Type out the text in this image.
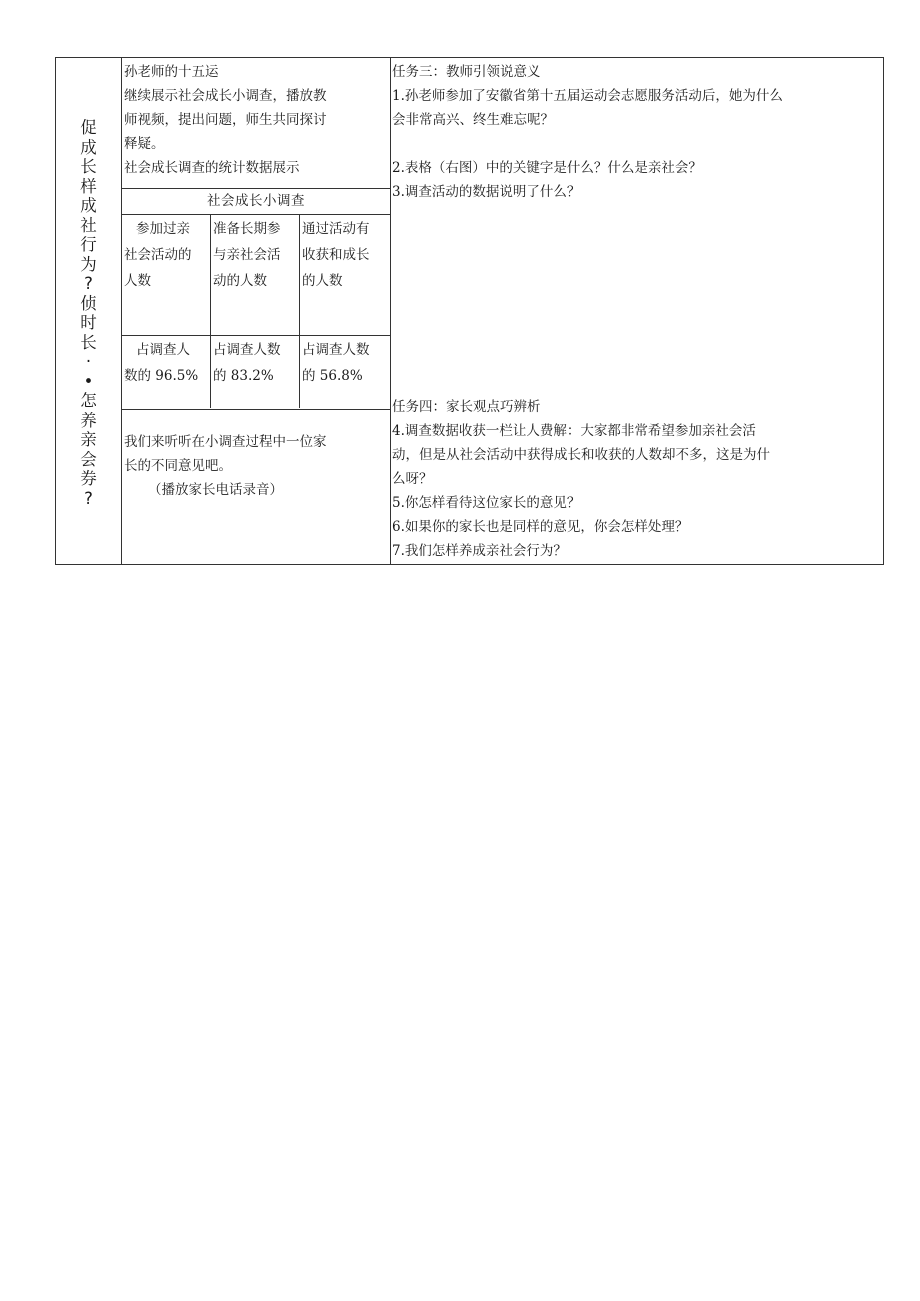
促
成
长
样
成
社
行
为
?
侦
时
长
·
•
怎
养
亲
会
券
?
孙老师的十五运
继续展示社会成长小调查，播放教
师视频，提出问题，师生共同探讨
释疑。
社会成长调查的统计数据展示
社会成长小调查
参加过亲
社会活动的
人数
准备长期参
与亲社会活
动的人数
通过活动有
收获和成长
的人数
占调查人
数的 96.5%
占调查人数
的 83.2%
占调查人数
的 56.8%
我们来听听在小调查过程中一位家
长的不同意见吧。
（播放家长电话录音）
任务三：教师引领说意义
1.孙老师参加了安徽省第十五届运动会志愿服务活动后，她为什么
会非常高兴、终生难忘呢？
2.表格（右图）中的关键字是什么？什么是亲社会？
3.调查活动的数据说明了什么？
任务四：家长观点巧辨析
4.调查数据收获一栏让人费解：大家都非常希望参加亲社会活
动，但是从社会活动中获得成长和收获的人数却不多，这是为什
么呀？
5.你怎样看待这位家长的意见？
6.如果你的家长也是同样的意见，你会怎样处理？
7.我们怎样养成亲社会行为？
